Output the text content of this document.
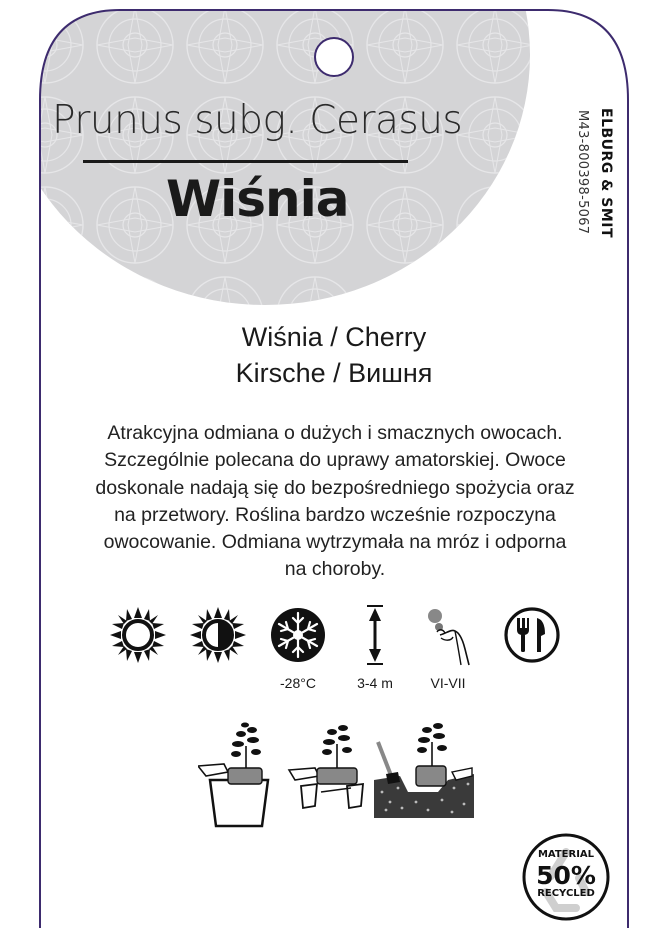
Prunus subg. Cerasus
Wiśnia	ELBURG & SMIT
M43-800398-5067
Wiśnia / Cherry
Kirsche / Вишня
Atrakcyjna odmiana o dużych i smacznych owocach.
Szczególnie polecana do uprawy amatorskiej. Owoce
doskonale nadają się do bezpośredniego spożycia oraz
na przetwory. Roślina bardzo wcześnie rozpoczyna
owocowanie. Odmiana wytrzymała na mróz i odporna
na choroby.
-28°C	3-4 m	VI-VII
MATERIAL
50%
RECYCLED
